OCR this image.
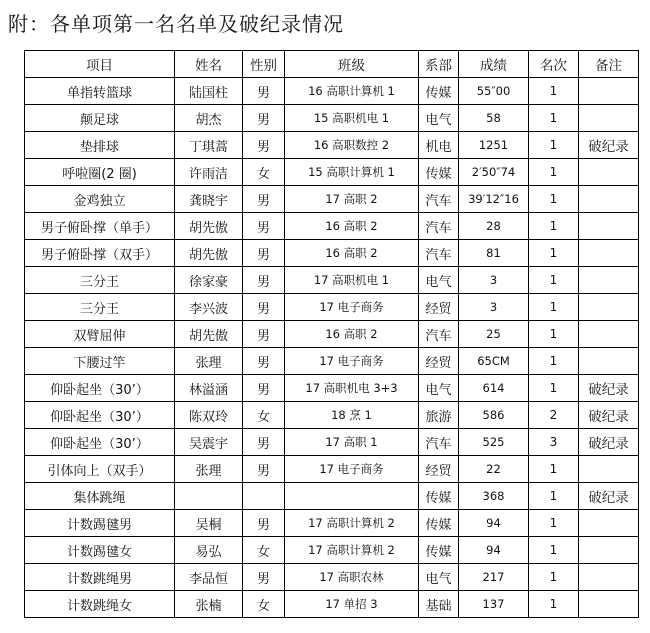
附：各单项第一名名单及破纪录情况
项目	姓名	性别	班级	系部	成绩	名次	备注
单指转篮球	陆国柱	男	16 高职计算机 1	传媒	55″00	1	
颠足球	胡杰	男	15 高职机电 1	电气	58	1	
垫排球	丁琪蒿	男	16 高职数控 2	机电	1251	1	破纪录
呼啦圈(2 圈)	许雨洁	女	15 高职计算机 1	传媒	2′50″74	1	
金鸡独立	龚晓宇	男	17 高职 2	汽车	39′12″16	1	
男子俯卧撑（单手）	胡先傲	男	16 高职 2	汽车	28	1	
男子俯卧撑（双手）	胡先傲	男	16 高职 2	汽车	81	1	
三分王	徐家豪	男	17 高职机电 1	电气	3	1	
三分王	李兴波	男	17 电子商务	经贸	3	1	
双臂屈伸	胡先傲	男	16 高职 2	汽车	25	1	
下腰过竿	张理	男	17 电子商务	经贸	65CM	1	
仰卧起坐（30’）	林溢涵	男	17 高职机电 3+3	电气	614	1	破纪录
仰卧起坐（30’）	陈双玲	女	18 烹 1	旅游	586	2	破纪录
仰卧起坐（30’）	吴震宇	男	17 高职 1	汽车	525	3	破纪录
引体向上（双手）	张理	男	17 电子商务	经贸	22	1	
集体跳绳				传媒	368	1	破纪录
计数踢毽男	吴桐	男	17 高职计算机 2	传媒	94	1	
计数踢毽女	易弘	女	17 高职计算机 2	传媒	94	1	
计数跳绳男	李品恒	男	17 高职农林	电气	217	1	
计数跳绳女	张楠	女	17 单招 3	基础	137	1	
